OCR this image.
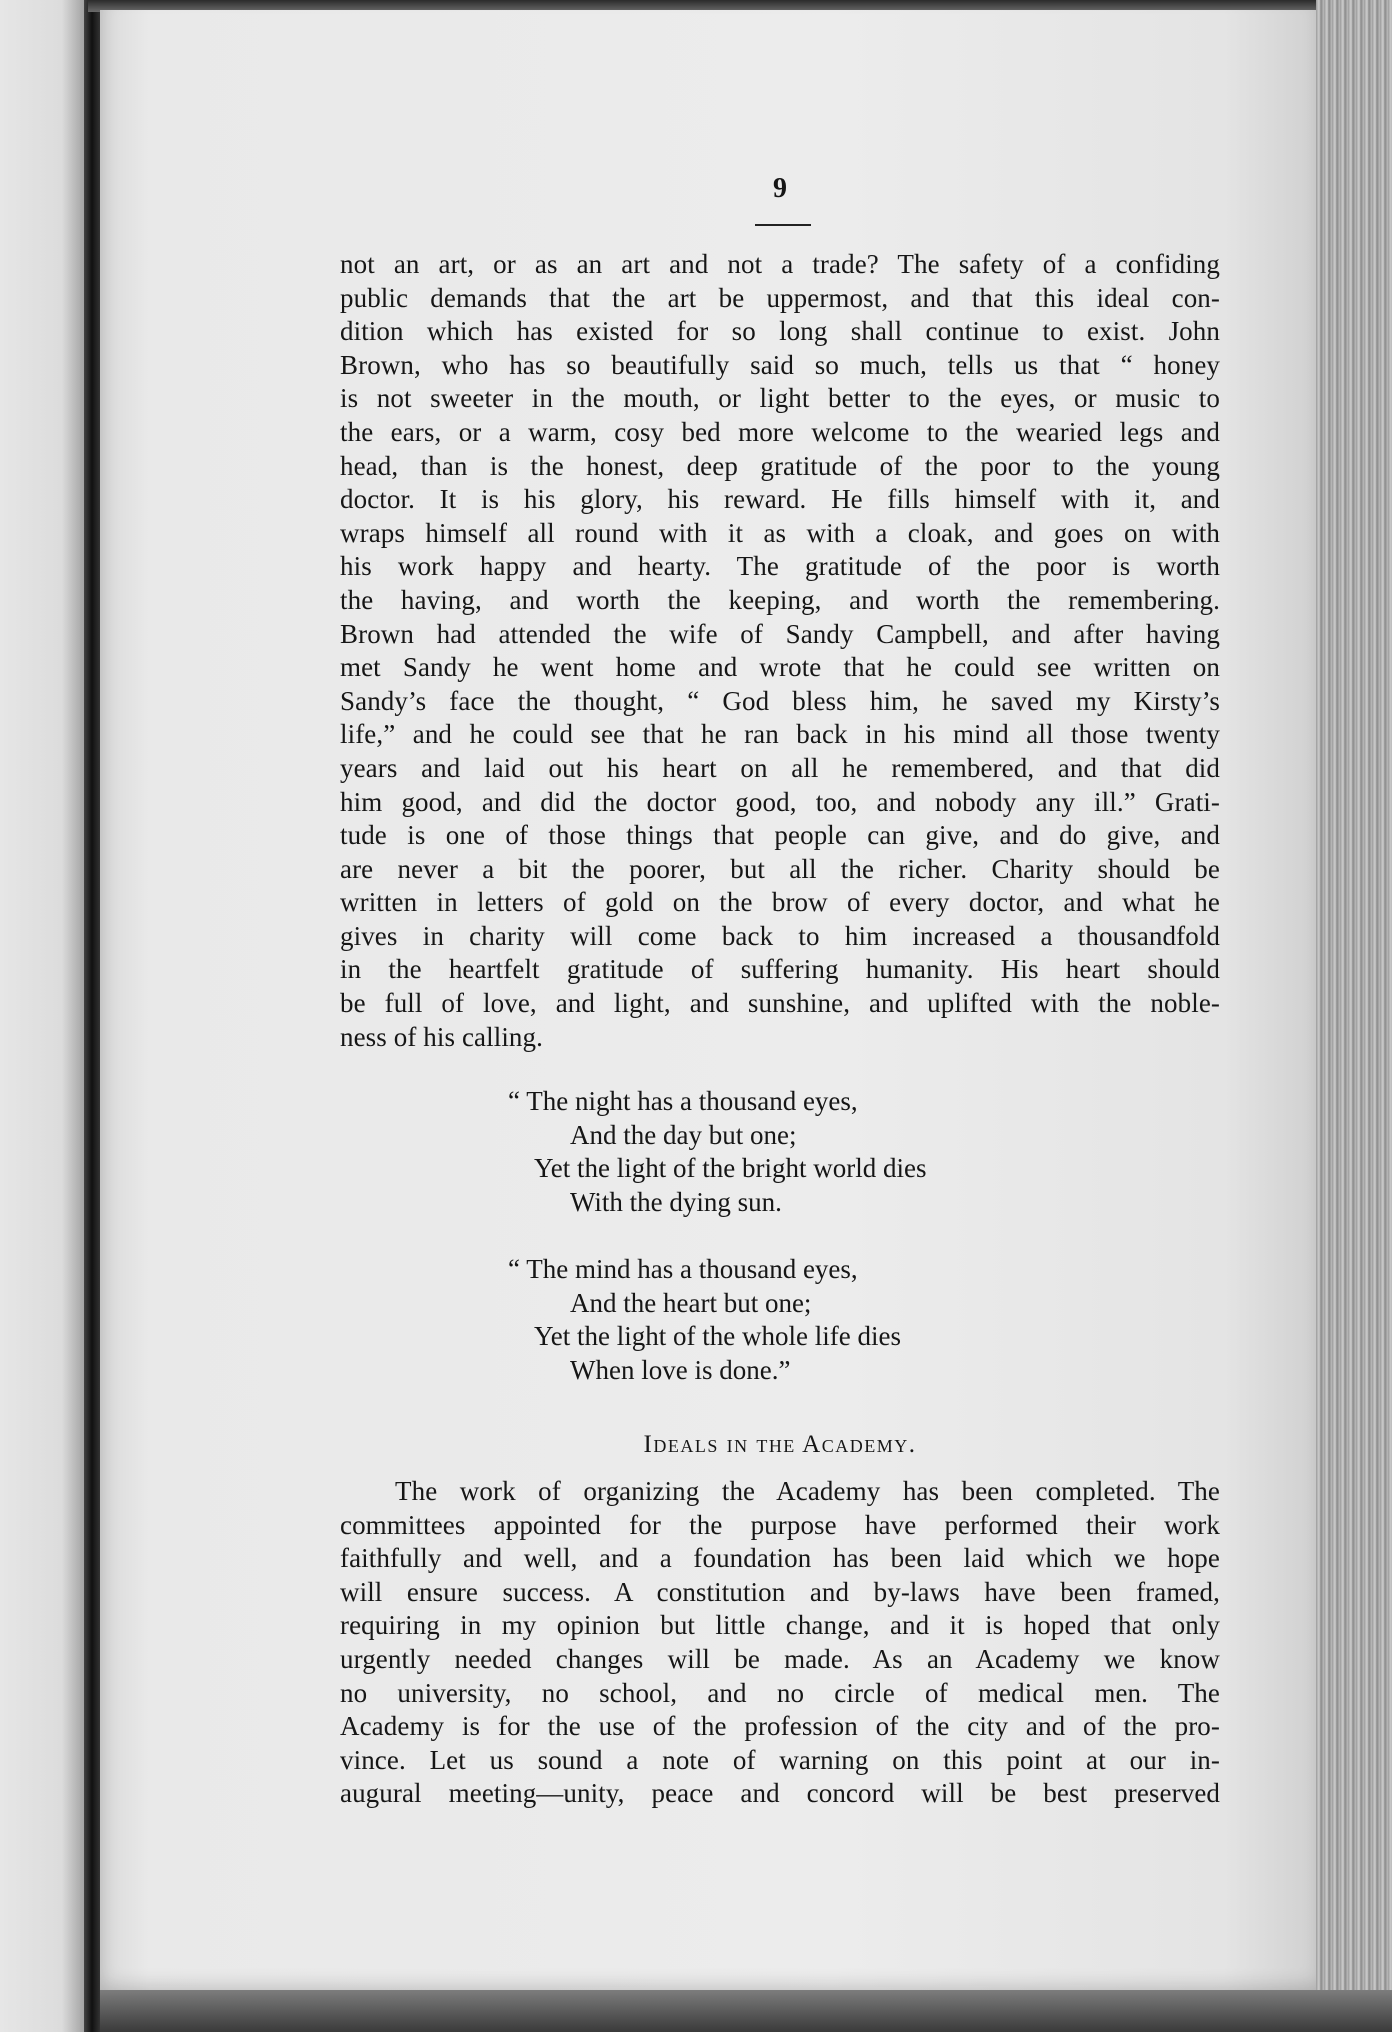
9
not an art, or as an art and not a trade? The safety of a confiding
public demands that the art be uppermost, and that this ideal con-
dition which has existed for so long shall continue to exist. John
Brown, who has so beautifully said so much, tells us that “ honey
is not sweeter in the mouth, or light better to the eyes, or music to
the ears, or a warm, cosy bed more welcome to the wearied legs and
head, than is the honest, deep gratitude of the poor to the young
doctor. It is his glory, his reward. He fills himself with it, and
wraps himself all round with it as with a cloak, and goes on with
his work happy and hearty. The gratitude of the poor is worth
the having, and worth the keeping, and worth the remembering.
Brown had attended the wife of Sandy Campbell, and after having
met Sandy he went home and wrote that he could see written on
Sandy’s face the thought, “ God bless him, he saved my Kirsty’s
life,” and he could see that he ran back in his mind all those twenty
years and laid out his heart on all he remembered, and that did
him good, and did the doctor good, too, and nobody any ill.” Grati-
tude is one of those things that people can give, and do give, and
are never a bit the poorer, but all the richer. Charity should be
written in letters of gold on the brow of every doctor, and what he
gives in charity will come back to him increased a thousandfold
in the heartfelt gratitude of suffering humanity. His heart should
be full of love, and light, and sunshine, and uplifted with the noble-
ness of his calling.
“ The night has a thousand eyes,
And the day but one;
Yet the light of the bright world dies
With the dying sun.
“ The mind has a thousand eyes,
And the heart but one;
Yet the light of the whole life dies
When love is done.”
Ideals in the Academy.
The work of organizing the Academy has been completed. The
committees appointed for the purpose have performed their work
faithfully and well, and a foundation has been laid which we hope
will ensure success. A constitution and by-laws have been framed,
requiring in my opinion but little change, and it is hoped that only
urgently needed changes will be made. As an Academy we know
no university, no school, and no circle of medical men. The
Academy is for the use of the profession of the city and of the pro-
vince. Let us sound a note of warning on this point at our in-
augural meeting—unity, peace and concord will be best preserved
